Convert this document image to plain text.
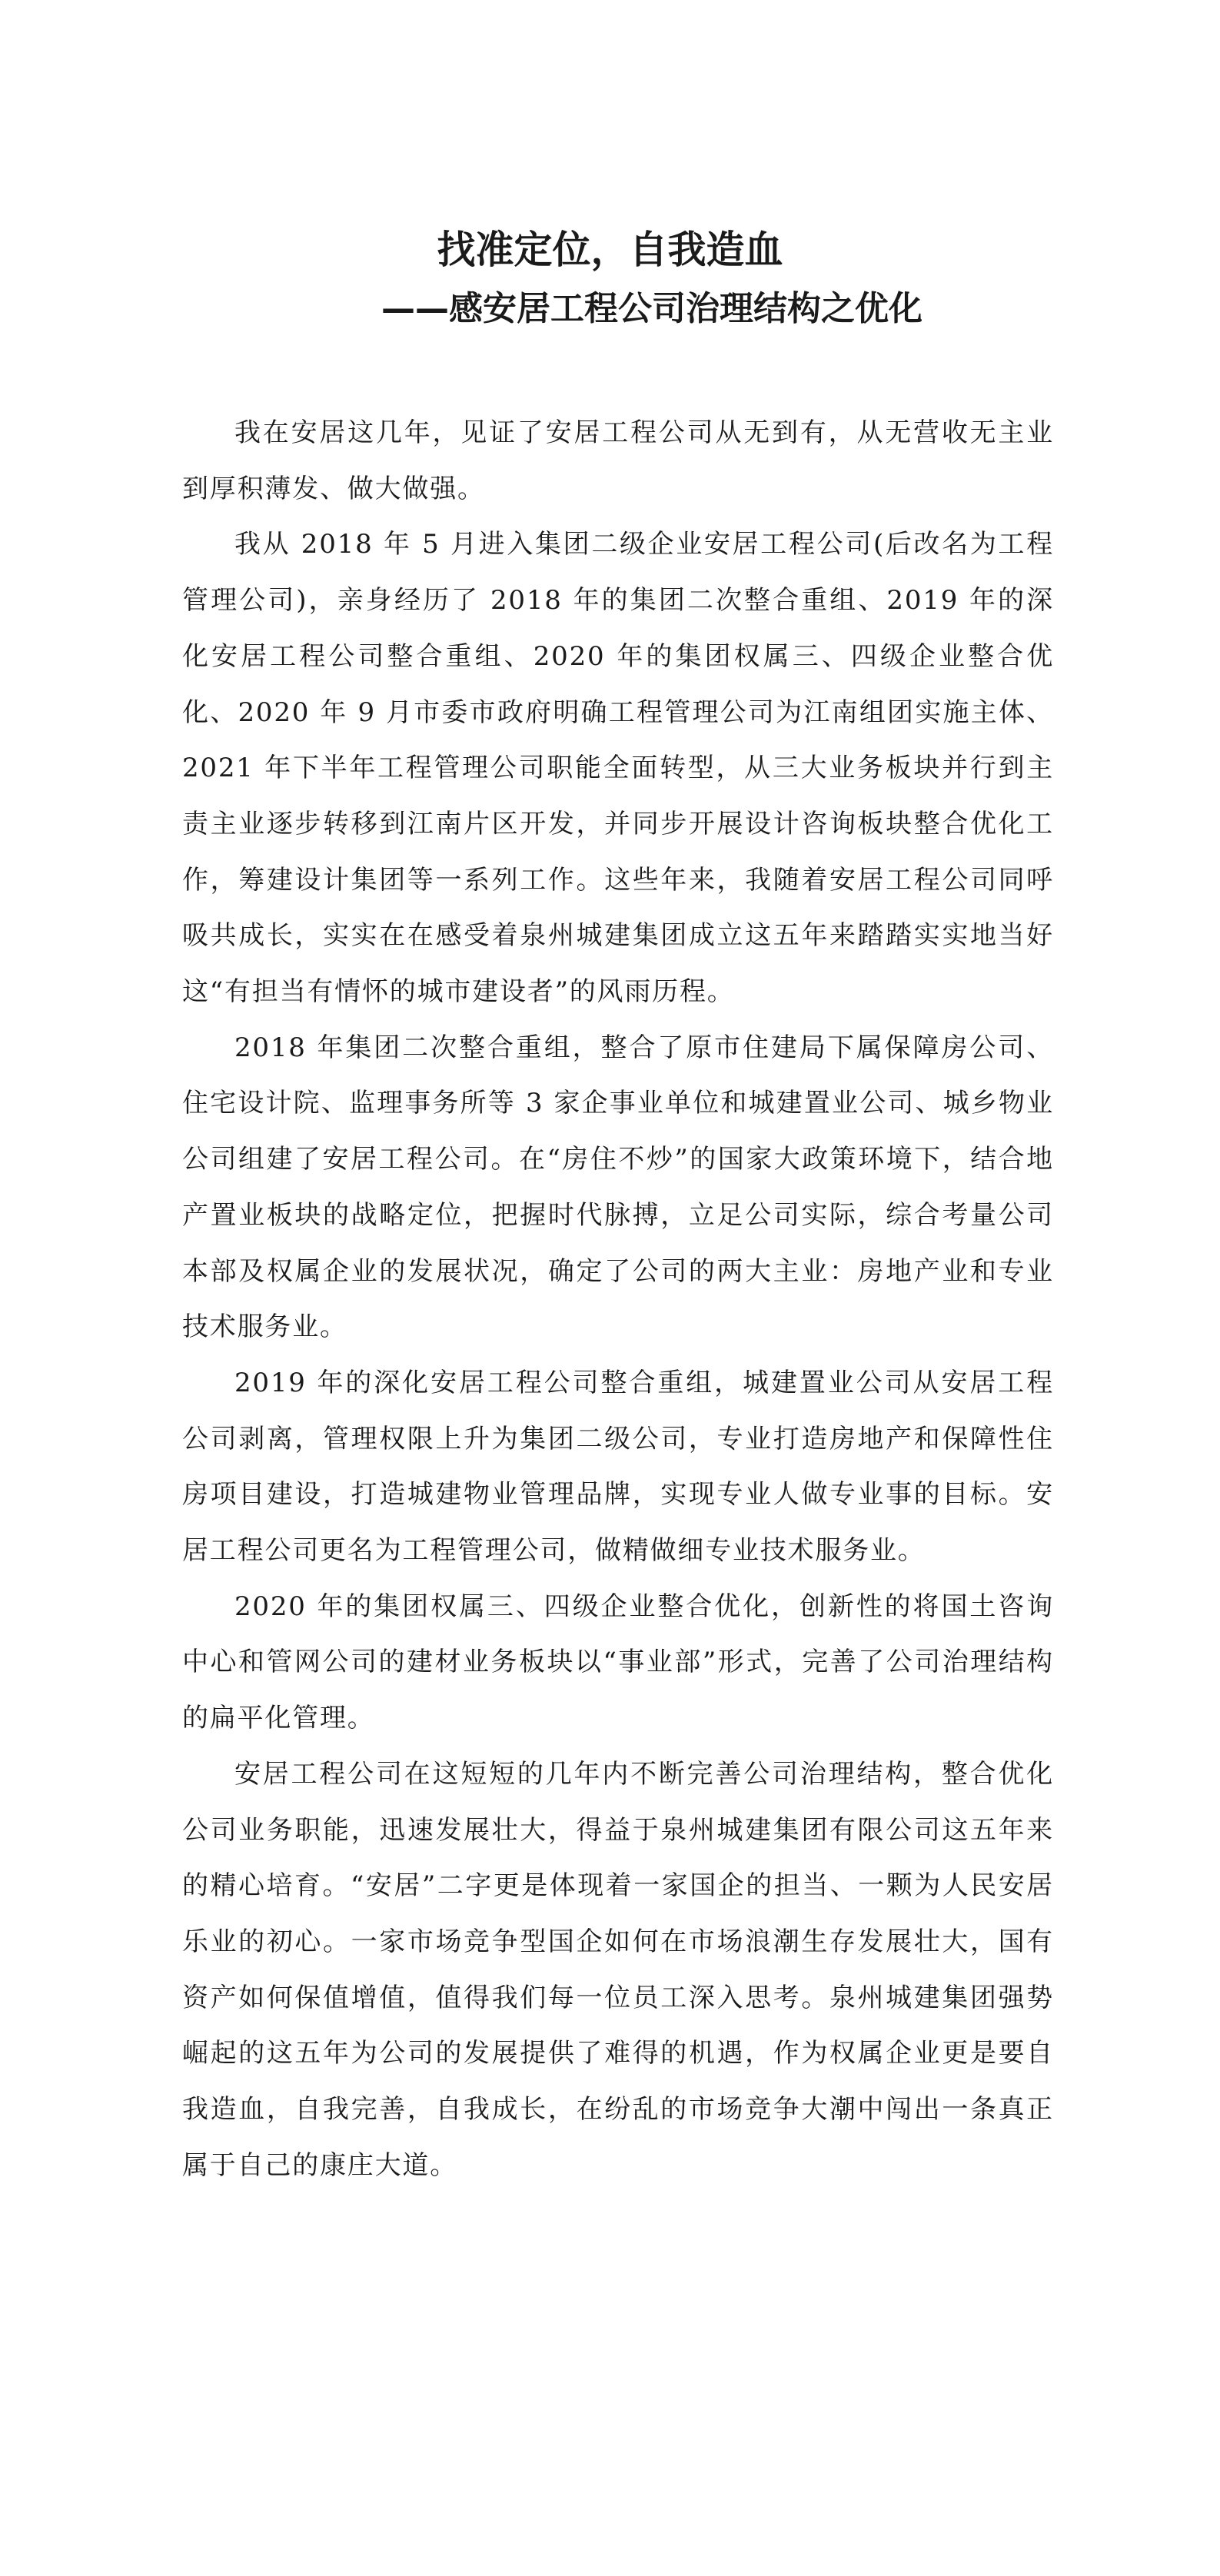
找准定位，自我造血
——感安居工程公司治理结构之优化

我在安居这几年，见证了安居工程公司从无到有，从无营收无主业到厚积薄发、做大做强。

我从 2018 年 5 月进入集团二级企业安居工程公司(后改名为工程管理公司)，亲身经历了 2018 年的集团二次整合重组、2019 年的深化安居工程公司整合重组、2020 年的集团权属三、四级企业整合优化、2020 年 9 月市委市政府明确工程管理公司为江南组团实施主体、2021 年下半年工程管理公司职能全面转型，从三大业务板块并行到主责主业逐步转移到江南片区开发，并同步开展设计咨询板块整合优化工作，筹建设计集团等一系列工作。这些年来，我随着安居工程公司同呼吸共成长，实实在在感受着泉州城建集团成立这五年来踏踏实实地当好这“有担当有情怀的城市建设者”的风雨历程。

2018 年集团二次整合重组，整合了原市住建局下属保障房公司、住宅设计院、监理事务所等 3 家企事业单位和城建置业公司、城乡物业公司组建了安居工程公司。在“房住不炒”的国家大政策环境下，结合地产置业板块的战略定位，把握时代脉搏，立足公司实际，综合考量公司本部及权属企业的发展状况，确定了公司的两大主业：房地产业和专业技术服务业。

2019 年的深化安居工程公司整合重组，城建置业公司从安居工程公司剥离，管理权限上升为集团二级公司，专业打造房地产和保障性住房项目建设，打造城建物业管理品牌，实现专业人做专业事的目标。安居工程公司更名为工程管理公司，做精做细专业技术服务业。

2020 年的集团权属三、四级企业整合优化，创新性的将国土咨询中心和管网公司的建材业务板块以“事业部”形式，完善了公司治理结构的扁平化管理。

安居工程公司在这短短的几年内不断完善公司治理结构，整合优化公司业务职能，迅速发展壮大，得益于泉州城建集团有限公司这五年来的精心培育。“安居”二字更是体现着一家国企的担当、一颗为人民安居乐业的初心。一家市场竞争型国企如何在市场浪潮生存发展壮大，国有资产如何保值增值，值得我们每一位员工深入思考。泉州城建集团强势崛起的这五年为公司的发展提供了难得的机遇，作为权属企业更是要自我造血，自我完善，自我成长，在纷乱的市场竞争大潮中闯出一条真正属于自己的康庄大道。
